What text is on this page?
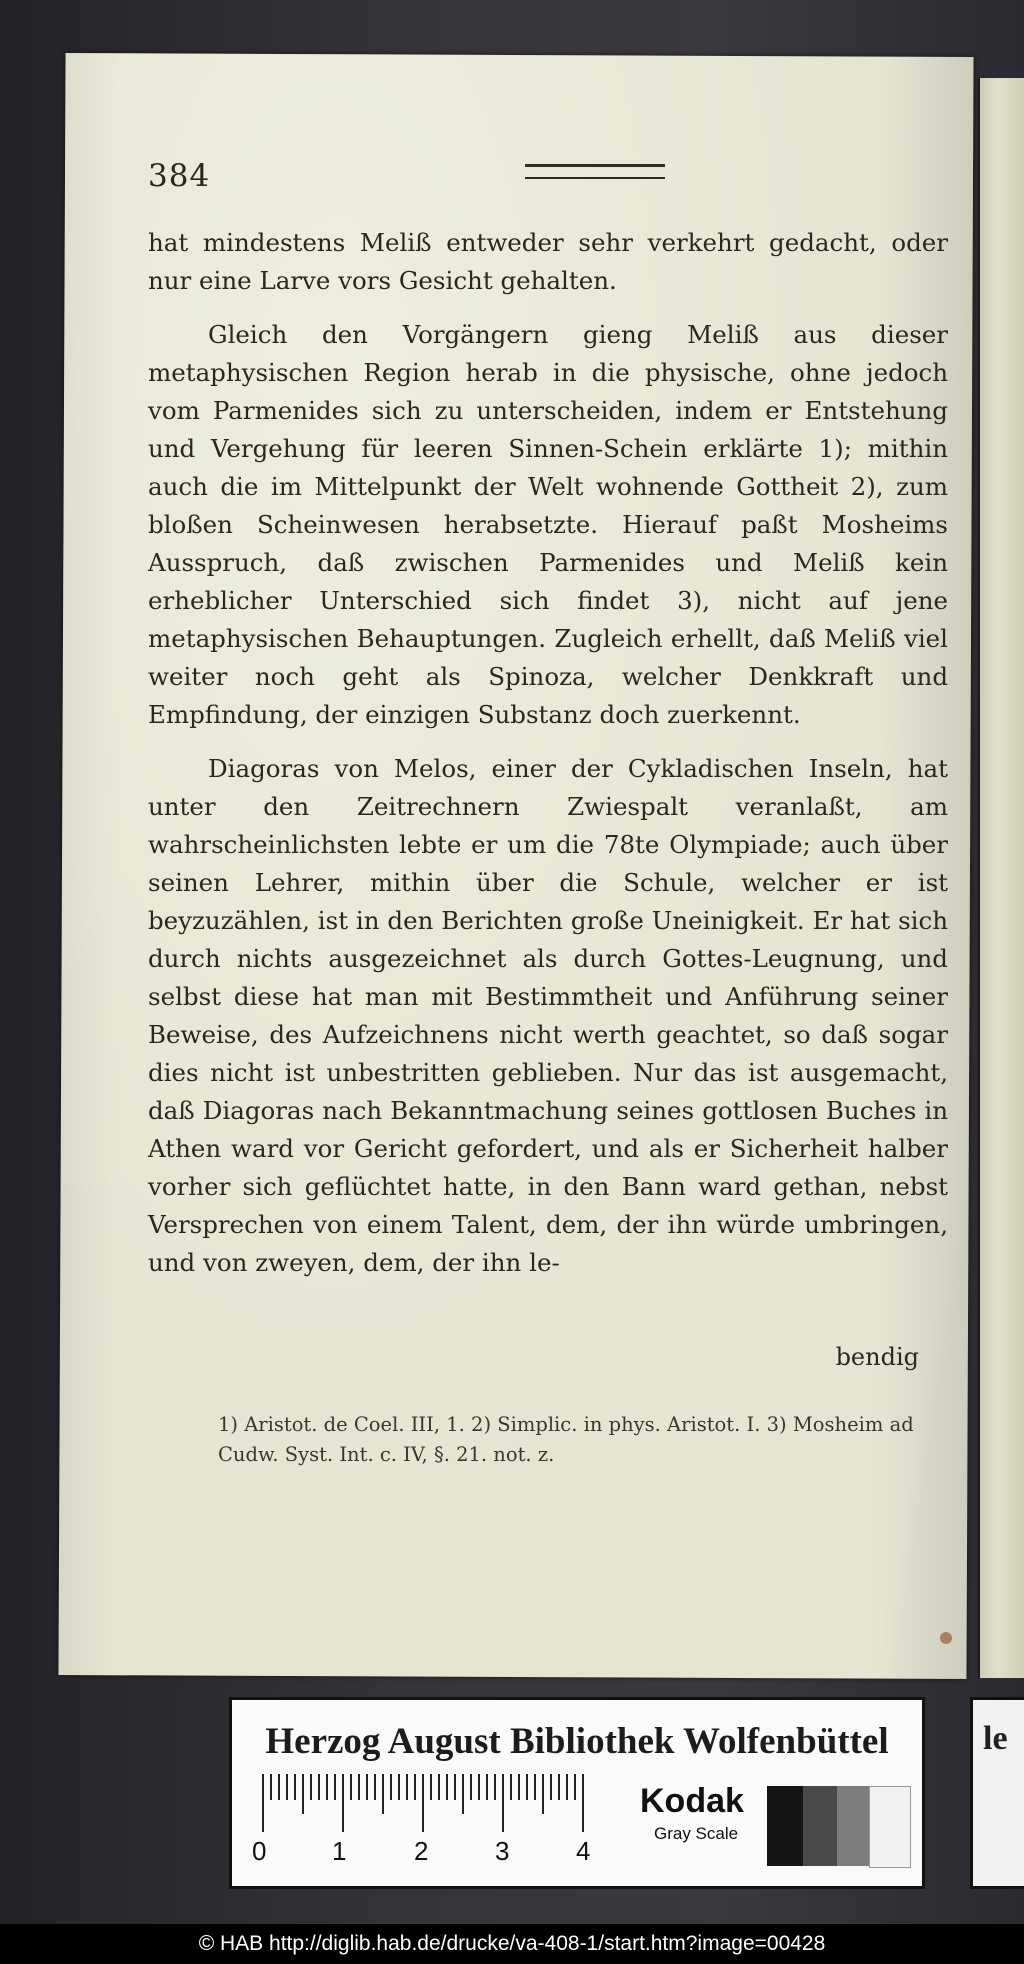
384

hat mindestens Meliß entweder sehr verkehrt gedacht, oder nur eine Larve vors Gesicht gehalten.

Gleich den Vorgängern gieng Meliß aus dieser metaphysischen Region herab in die physische, ohne jedoch vom Parmenides sich zu unterscheiden, indem er Entstehung und Vergehung für leeren Sinnen-Schein erklärte 1); mithin auch die im Mittelpunkt der Welt wohnende Gottheit 2), zum bloßen Scheinwesen herabsetzte. Hierauf paßt Mosheims Ausspruch, daß zwischen Parmenides und Meliß kein erheblicher Unterschied sich findet 3), nicht auf jene metaphysischen Behauptungen. Zugleich erhellt, daß Meliß viel weiter noch geht als Spinoza, welcher Denkkraft und Empfindung, der einzigen Substanz doch zuerkennt.

Diagoras von Melos, einer der Cykladischen Inseln, hat unter den Zeitrechnern Zwiespalt veranlaßt, am wahrscheinlichsten lebte er um die 78te Olympiade; auch über seinen Lehrer, mithin über die Schule, welcher er ist beyzuzählen, ist in den Berichten große Uneinigkeit. Er hat sich durch nichts ausgezeichnet als durch Gottes-Leugnung, und selbst diese hat man mit Bestimmtheit und Anführung seiner Beweise, des Aufzeichnens nicht werth geachtet, so daß sogar dies nicht ist unbestritten geblieben. Nur das ist ausgemacht, daß Diagoras nach Bekanntmachung seines gottlosen Buches in Athen ward vor Gericht gefordert, und als er Sicherheit halber vorher sich geflüchtet hatte, in den Bann ward gethan, nebst Versprechen von einem Talent, dem, der ihn würde umbringen, und von zweyen, dem, der ihn le-

bendig
1) Aristot. de Coel. III, 1. 2) Simplic. in phys. Aristot. I. 3) Mosheim ad Cudw. Syst. Int. c. IV, §. 21. not. z.
Herzog August Bibliothek Wolfenbüttel
0	1	2	3	4
Kodak
Gray Scale
le
© HAB http://diglib.hab.de/drucke/va-408-1/start.htm?image=00428
